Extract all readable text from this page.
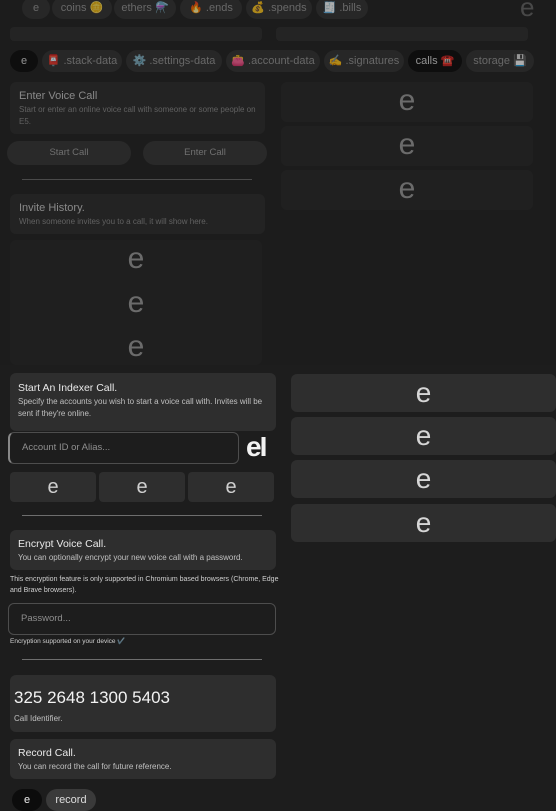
e	coins 🪙	ethers ⚗️	🔥 .ends	💰 .spends	🧾 .bills	e
e	📮 .stack-data	⚙️ .settings-data	👛 .account-data	✍️ .signatures	calls ☎️	storage 💾
Enter Voice Call
Start or enter an online voice call with someone or some people on E5.
Start Call	Enter Call
Invite History.
When someone invites you to a call, it will show here.
e
e
e
e
e
e
Start An Indexer Call.
Specify the accounts you wish to start a voice call with. Invites will be sent if they're online.
Account ID or Alias...	eI
e	e	e
Encrypt Voice Call.
You can optionally encrypt your new voice call with a password.
This encryption feature is only supported in Chromium based browsers (Chrome, Edge and Brave browsers).
Password...
Encryption supported on your device ✔️
325 2648 1300 5403
Call Identifier.
Record Call.
You can record the call for future reference.
e	record
e
e
e
e
